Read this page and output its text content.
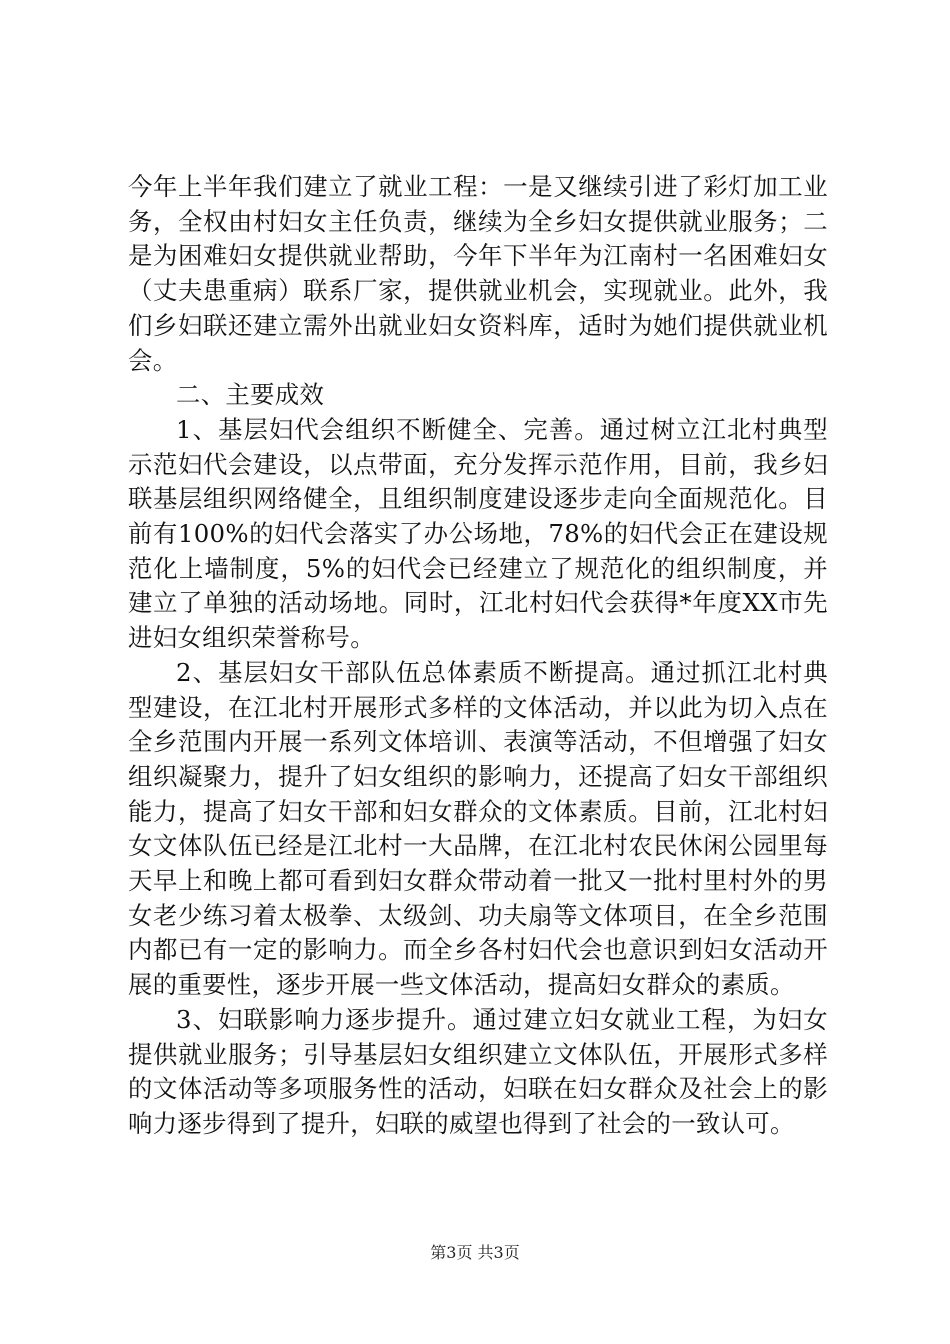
今年上半年我们建立了就业工程：一是又继续引进了彩灯加工业务，全权由村妇女主任负责，继续为全乡妇女提供就业服务；二是为困难妇女提供就业帮助，今年下半年为江南村一名困难妇女（丈夫患重病）联系厂家，提供就业机会，实现就业。此外，我们乡妇联还建立需外出就业妇女资料库，适时为她们提供就业机会。

二、主要成效

1、基层妇代会组织不断健全、完善。通过树立江北村典型示范妇代会建设，以点带面，充分发挥示范作用，目前，我乡妇联基层组织网络健全，且组织制度建设逐步走向全面规范化。目前有100%的妇代会落实了办公场地，78%的妇代会正在建设规范化上墙制度，5%的妇代会已经建立了规范化的组织制度，并建立了单独的活动场地。同时，江北村妇代会获得*年度XX市先进妇女组织荣誉称号。

2、基层妇女干部队伍总体素质不断提高。通过抓江北村典型建设，在江北村开展形式多样的文体活动，并以此为切入点在全乡范围内开展一系列文体培训、表演等活动，不但增强了妇女组织凝聚力，提升了妇女组织的影响力，还提高了妇女干部组织能力，提高了妇女干部和妇女群众的文体素质。目前，江北村妇女文体队伍已经是江北村一大品牌，在江北村农民休闲公园里每天早上和晚上都可看到妇女群众带动着一批又一批村里村外的男女老少练习着太极拳、太级剑、功夫扇等文体项目，在全乡范围内都已有一定的影响力。而全乡各村妇代会也意识到妇女活动开展的重要性，逐步开展一些文体活动，提高妇女群众的素质。

3、妇联影响力逐步提升。通过建立妇女就业工程，为妇女提供就业服务；引导基层妇女组织建立文体队伍，开展形式多样的文体活动等多项服务性的活动，妇联在妇女群众及社会上的影响力逐步得到了提升，妇联的威望也得到了社会的一致认可。

第3页 共3页
